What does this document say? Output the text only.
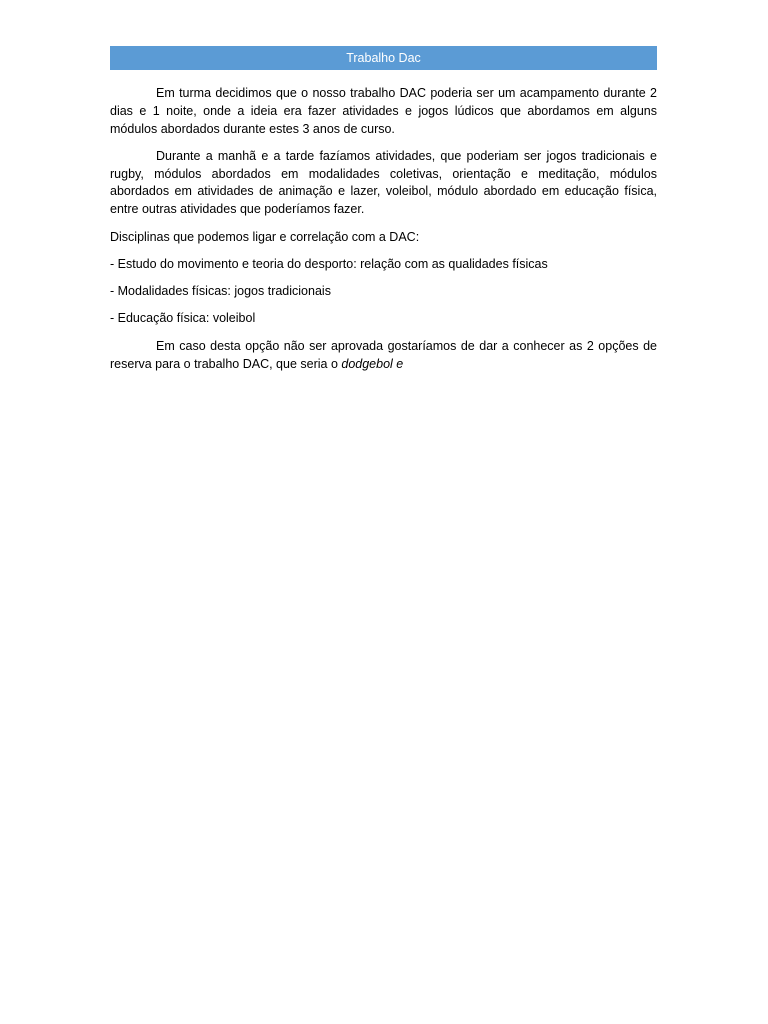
Trabalho Dac

Em turma decidimos que o nosso trabalho DAC poderia ser um acampamento durante 2 dias e 1 noite, onde a ideia era fazer atividades e jogos lúdicos que abordamos em alguns módulos abordados durante estes 3 anos de curso.

Durante a manhã e a tarde fazíamos atividades, que poderiam ser jogos tradicionais e rugby, módulos abordados em modalidades coletivas, orientação e meditação, módulos abordados em atividades de animação e lazer, voleibol, módulo abordado em educação física, entre outras atividades que poderíamos fazer.

Disciplinas que podemos ligar e correlação com a DAC:

- Estudo do movimento e teoria do desporto: relação com as qualidades físicas

- Modalidades físicas: jogos tradicionais

- Educação física: voleibol

Em caso desta opção não ser aprovada gostaríamos de dar a conhecer as 2 opções de reserva para o trabalho DAC, que seria o dodgebol e
